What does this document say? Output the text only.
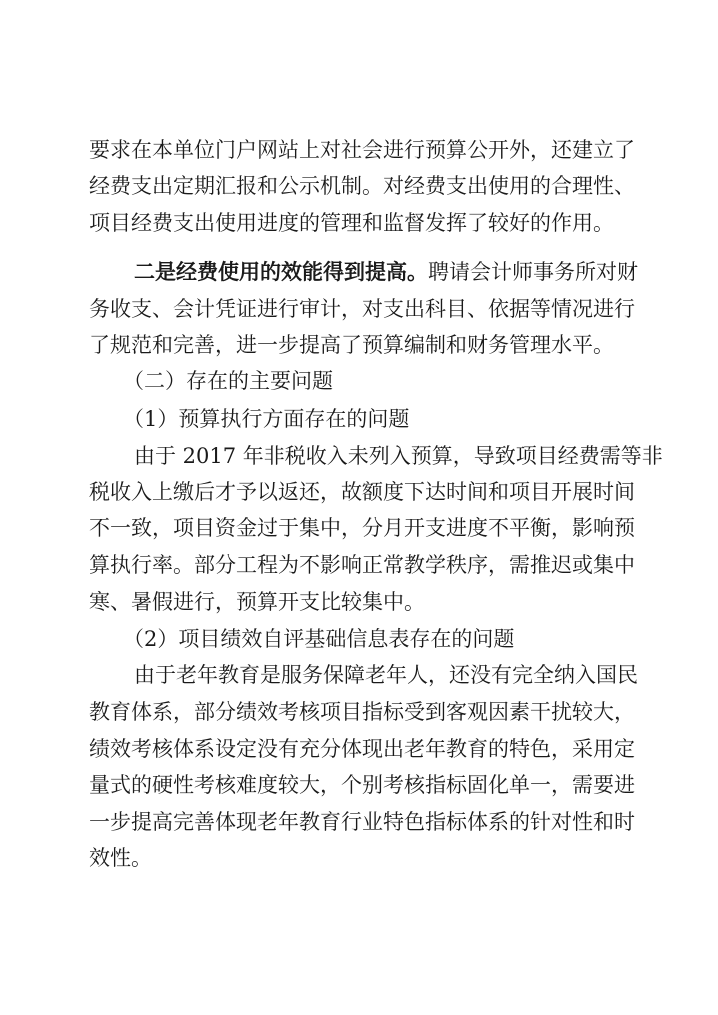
要求在本单位门户网站上对社会进行预算公开外，还建立了
经费支出定期汇报和公示机制。对经费支出使用的合理性、
项目经费支出使用进度的管理和监督发挥了较好的作用。
二是经费使用的效能得到提高。聘请会计师事务所对财
务收支、会计凭证进行审计，对支出科目、依据等情况进行
了规范和完善，进一步提高了预算编制和财务管理水平。
（二）存在的主要问题
（1）预算执行方面存在的问题
由于 2017 年非税收入未列入预算，导致项目经费需等非
税收入上缴后才予以返还，故额度下达时间和项目开展时间
不一致，项目资金过于集中，分月开支进度不平衡，影响预
算执行率。部分工程为不影响正常教学秩序，需推迟或集中
寒、暑假进行，预算开支比较集中。
（2）项目绩效自评基础信息表存在的问题
由于老年教育是服务保障老年人，还没有完全纳入国民
教育体系，部分绩效考核项目指标受到客观因素干扰较大，
绩效考核体系设定没有充分体现出老年教育的特色，采用定
量式的硬性考核难度较大，个别考核指标固化单一，需要进
一步提高完善体现老年教育行业特色指标体系的针对性和时
效性。
